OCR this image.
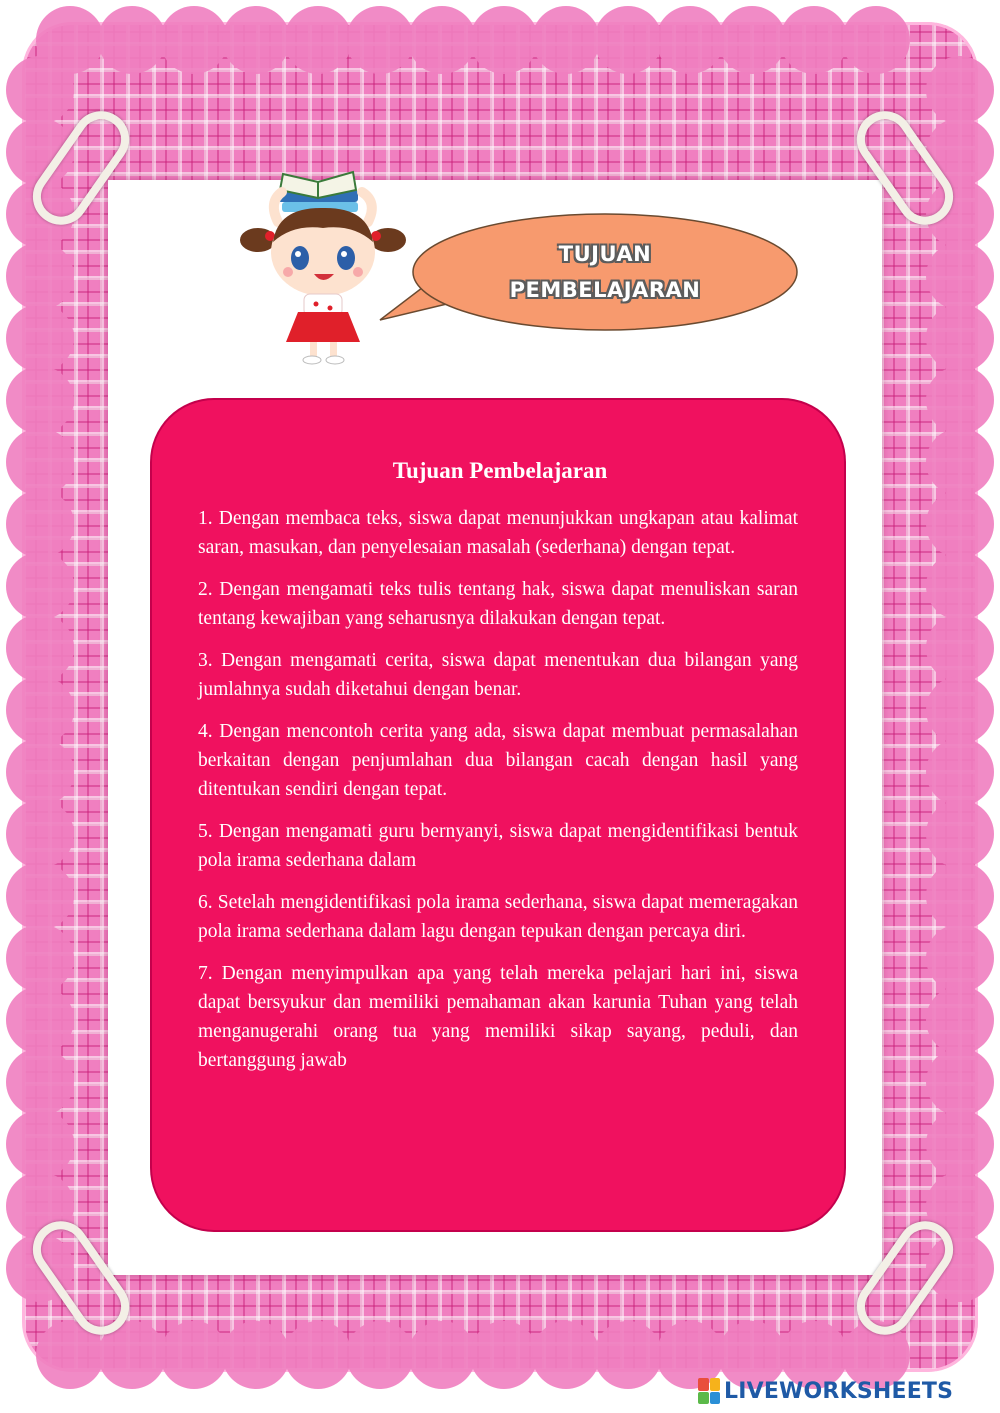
TUJUAN
PEMBELAJARAN
Tujuan Pembelajaran

1. Dengan membaca teks, siswa dapat menunjukkan ungkapan atau kalimat saran, masukan, dan penyelesaian masalah (sederhana) dengan tepat.

2. Dengan mengamati teks tulis tentang hak, siswa dapat menuliskan saran tentang kewajiban yang seharusnya dilakukan dengan tepat.

3. Dengan mengamati cerita, siswa dapat menentukan dua bilangan yang jumlahnya sudah diketahui dengan benar.

4. Dengan mencontoh cerita yang ada, siswa dapat membuat permasalahan berkaitan dengan penjumlahan dua bilangan cacah dengan hasil yang ditentukan sendiri dengan tepat.

5. Dengan mengamati guru bernyanyi, siswa dapat mengidentifikasi bentuk pola irama sederhana dalam

6. Setelah mengidentifikasi pola irama sederhana, siswa dapat memeragakan pola irama sederhana dalam lagu dengan tepukan dengan percaya diri.

7. Dengan menyimpulkan apa yang telah mereka pelajari hari ini, siswa dapat bersyukur dan memiliki pemahaman akan karunia Tuhan yang telah menganugerahi orang tua yang memiliki sikap sayang, peduli, dan bertanggung jawab

LIVEWORKSHEETS
